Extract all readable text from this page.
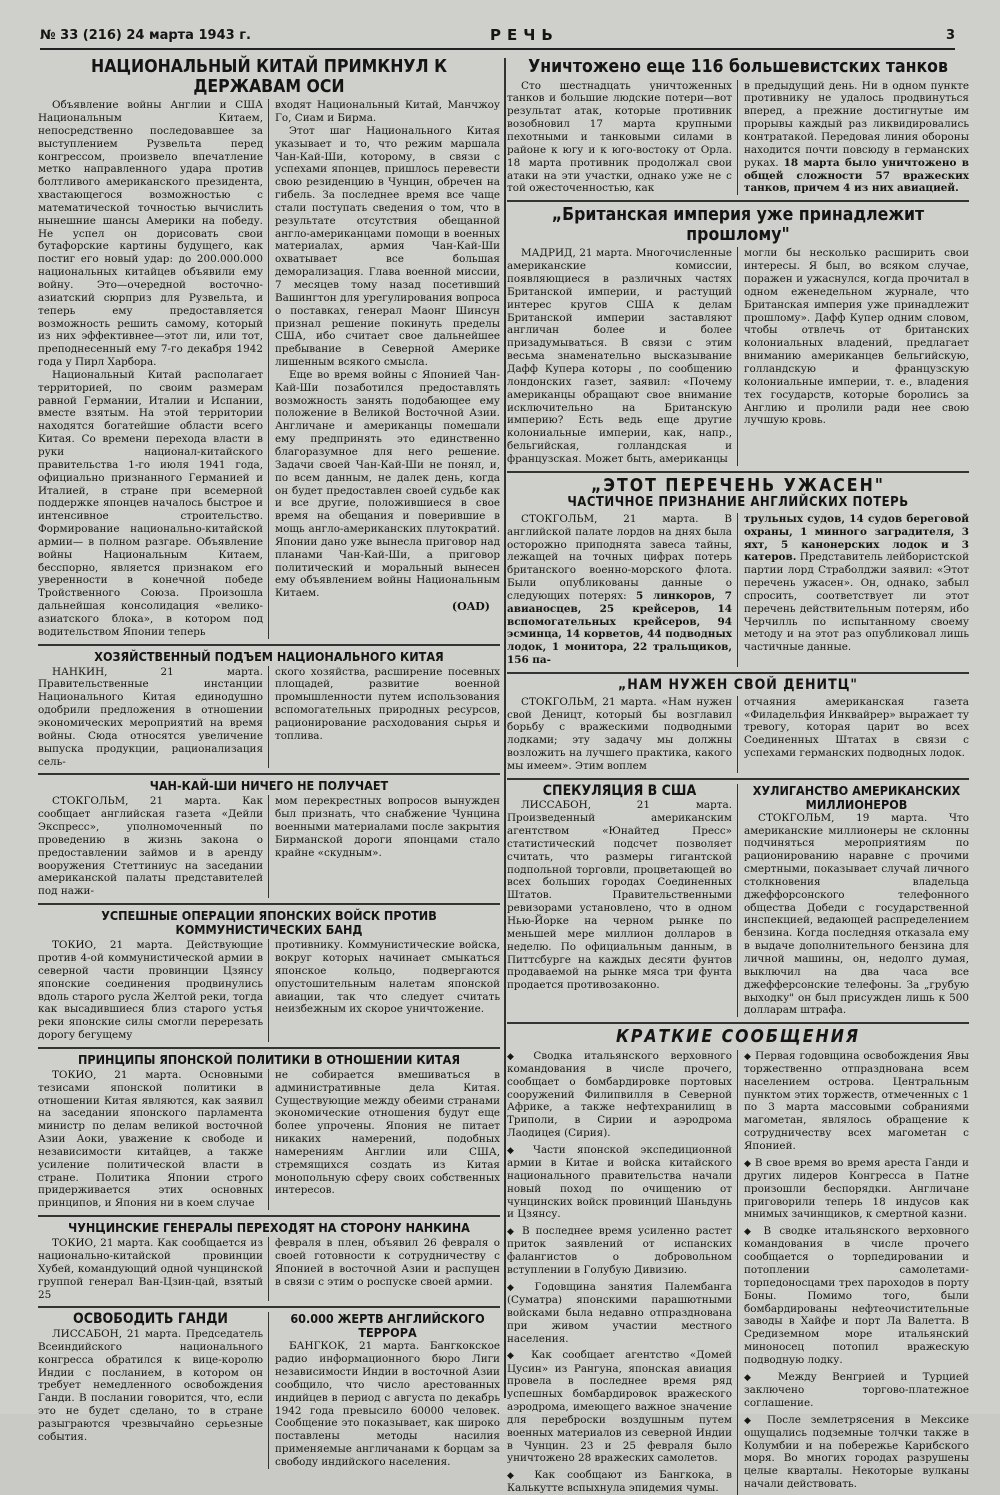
№ 33 (216) 24 марта 1943 г.	РЕЧЬ	3
НАЦИОНАЛЬНЫЙ КИТАЙ ПРИМКНУЛ К ДЕРЖАВАМ ОСИ

Объявление войны Англии и США Национальным Китаем, непосредственно последовавшее за выступлением Рузвельта перед конгрессом, произвело впечатление метко направленного удара против болтливого американского президента, хвастающегося возможностью с математической точностью вычислить нынешние шансы Америки на победу. Не успел он дорисовать свои бутафорские картины будущего, как постиг его новый удар: до 200.000.000 национальных китайцев объявили ему войну. Это—очередной восточно-азиатский сюрприз для Рузвельта, и теперь ему предоставляется возможность решить самому, который из них эффективнее—этот ли, или тот, преподнесенный ему 7-го декабря 1942 года у Пирл Харбора.

Национальный Китай располагает территорией, по своим размерам равной Германии, Италии и Испании, вместе взятым. На этой территории находятся богатейшие области всего Китая. Со времени перехода власти в руки национал-китайского правительства 1-го июля 1941 года, официально признанного Германией и Италией, в стране при всемерной поддержке японцев началось быстрое и интенсивное строительство. Формирование национально-китайской армии— в полном разгаре. Объявление войны Национальным Китаем, бесспорно, является признаком его уверенности в конечной победе Тройственного Союза. Произошла дальнейшая консолидация «велико-азиатского блока», в котором под водительством Японии теперь

входят Национальный Китай, Манчжоу Го, Сиам и Бирма.

Этот шаг Национального Китая указывает и то, что режим маршала Чан-Кай-Ши, которому, в связи с успехами японцев, пришлось перевести свою резиденцию в Чунцин, обречен на гибель. За последнее время все чаще стали поступать сведения о том, что в результате отсутствия обещанной англо-американцами помощи в военных материалах, армия Чан-Кай-Ши охватывает все большая деморализация. Глава военной миссии, 7 месяцев тому назад посетивший Вашингтон для урегулирования вопроса о поставках, генерал Маонг Шинсун признал решение покинуть пределы США, ибо считает свое дальнейшее пребывание в Северной Америке лишенным всякого смысла.

Еще во время войны с Японией Чан-Кай-Ши позаботился предоставлять возможность занять подобающее ему положение в Великой Восточной Азии. Англичане и американцы помешали ему предпринять это единственно благоразумное для него решение. Задачи своей Чан-Кай-Ши не понял, и, по всем данным, не далек день, когда он будет предоставлен своей судьбе как и все другие, положившиеся в свое время на обещания и поверившие в мощь англо-американских плутократий. Японии дано уже вынесла приговор над планами Чан-Кай-Ши, а приговор политический и моральный вынесен ему объявлением войны Национальным Китаем.

(OAD)
ХОЗЯЙСТВЕННЫЙ ПОДЪЕМ НАЦИОНАЛЬНОГО КИТАЯ

НАНКИН, 21 марта. Правительственные инстанции Национального Китая единодушно одобрили предложения в отношении экономических мероприятий на время войны. Сюда относятся увеличение выпуска продукции, рационализация сель-

ского хозяйства, расширение посевных площадей, развитие военной промышленности путем использования вспомогательных природных ресурсов, рационирование расходования сырья и топлива.

ЧАН-КАЙ-ШИ НИЧЕГО НЕ ПОЛУЧАЕТ

СТОКГОЛЬМ, 21 марта. Как сообщает английская газета «Дейли Экспресс», уполномоченный по проведению в жизнь закона о предоставлении займов и в аренду вооружения Стеттиниус на заседании американской палаты представителей под нажи-

мом перекрестных вопросов вынужден был признать, что снабжение Чунцина военными материалами после закрытия Бирманской дороги японцами стало крайне «скудным».

УСПЕШНЫЕ ОПЕРАЦИИ ЯПОНСКИХ ВОЙСК ПРОТИВ КОММУНИСТИЧЕСКИХ БАНД

ТОКИО, 21 марта. Действующие против 4-ой коммунистической армии в северной части провинции Цзянсу японские соединения продвинулись вдоль старого русла Желтой реки, тогда как высадившиеся близ старого устья реки японские силы смогли перерезать дорогу бегущему

противнику. Коммунистические войска, вокруг которых начинает смыкаться японское кольцо, подвергаются опустошительным налетам японской авиации, так что следует считать неизбежным их скорое уничтожение.

ПРИНЦИПЫ ЯПОНСКОЙ ПОЛИТИКИ В ОТНОШЕНИИ КИТАЯ

ТОКИО, 21 марта. Основными тезисами японской политики в отношении Китая являются, как заявил на заседании японского парламента министр по делам великой восточной Азии Аоки, уважение к свободе и независимости китайцев, а также усиление политической власти в стране. Политика Японии строго придерживается этих основных принципов, и Япония ни в коем случае

не собирается вмешиваться в административные дела Китая. Существующие между обеими странами экономические отношения будут еще более упрочены. Япония не питает никаких намерений, подобных намерениям Англии или США, стремящихся создать из Китая монопольную сферу своих собственных интересов.

ЧУНЦИНСКИЕ ГЕНЕРАЛЫ ПЕРЕХОДЯТ НА СТОРОНУ НАНКИНА

ТОКИО, 21 марта. Как сообщается из национально-китайской провинции Хубей, командующий одной чунцинской группой генерал Ван-Цзин-цай, взятый 25

февраля в плен, объявил 26 февраля о своей готовности к сотрудничеству с Японией в восточной Азии и распущен в связи с этим о роспуске своей армии.

ОСВОБОДИТЬ ГАНДИ

ЛИССАБОН, 21 марта. Председатель Всеиндийского национального конгресса обратился к вице-королю Индии с посланием, в котором он требует немедленного освобождения Ганди. В послании говорится, что, если это не будет сделано, то в стране разыграются чрезвычайно серьезные события.

60.000 ЖЕРТВ АНГЛИЙСКОГО ТЕРРОРА

БАНГКОК, 21 марта. Бангкокское радио информационного бюро Лиги независимости Индии в восточной Азии сообщило, что число арестованных индийцев в период с августа по декабрь 1942 года превысило 60000 человек. Сообщение это показывает, как широко поставлены методы насилия применяемые англичанами к борцам за свободу индийского населения.

Уничтожено еще 116 большевистских танков

Сто шестнадцать уничтоженных танков и большие людские потери—вот результат атак, которые противник возобновил 17 марта крупными пехотными и танковыми силами в районе к югу и к юго-востоку от Орла. 18 марта противник продолжал свои атаки на эти участки, однако уже не с той ожесточенностью, как

в предыдущий день. Ни в одном пункте противнику не удалось продвинуться вперед, а прежние достигнутые им прорывы каждый раз ликвидировались контратакой. Передовая линия обороны находится почти повсюду в германских руках. 18 марта было уничтожено в общей сложности 57 вражеских танков, причем 4 из них авиацией.

„Британская империя уже принадлежит прошлому"

МАДРИД, 21 марта. Многочисленные американские комиссии, появляющиеся в различных частях Британской империи, и растущий интерес кругов США к делам Британской империи заставляют англичан более и более призадумываться. В связи с этим весьма знаменательно высказывание Дафф Купера которы , по сообщению лондонских газет, заявил: «Почему американцы обращают свое внимание исключительно на Британскую империю? Есть ведь еще другие колониальные империи, как, напр., бельгийская, голландская и французская. Может быть, американцы

могли бы несколько расширить свои интересы. Я был, во всяком случае, поражен и ужаснулся, когда прочитал в одном еженедельном журнале, что Британская империя уже принадлежит прошлому». Дафф Купер одним словом, чтобы отвлечь от британских колониальных владений, предлагает вниманию американцев бельгийскую, голландскую и французскую колониальные империи, т. е., владения тех государств, которые боролись за Англию и пролили ради нее свою лучшую кровь.

„ЭТОТ ПЕРЕЧЕНЬ УЖАСЕН"
ЧАСТИЧНОЕ ПРИЗНАНИЕ АНГЛИЙСКИХ ПОТЕРЬ

СТОКГОЛЬМ, 21 марта. В английской палате лордов на днях была осторожно приподнята завеса тайны, лежащей на точных цифрах потерь британского военно-морского флота. Были опубликованы данные о следующих потерях: 5 линкоров, 7 авианосцев, 25 крейсеров, 14 вспомогательных крейсеров, 94 эсминца, 14 корветов, 44 подводных лодок, 1 монитора, 22 тральщиков, 156 па-

трульных судов, 14 судов береговой охраны, 1 минного заградителя, 3 яхт, 5 канонерских лодок и 3 катеров. Представитель лейбористской партии лорд Страболджи заявил: «Этот перечень ужасен». Он, однако, забыл спросить, соответствует ли этот перечень действительным потерям, ибо Черчилль по испытанному своему методу и на этот раз опубликовал лишь частичные данные.

„НАМ НУЖЕН СВОЙ ДЕНИТЦ"

СТОКГОЛЬМ, 21 марта. «Нам нужен свой Деницт, который бы возглавил борьбу с вражескими подводными лодками; эту задачу мы должны возложить на лучшего практика, какого мы имеем». Этим воплем

отчаяния американская газета «Филадельфия Инквайрер» выражает ту тревогу, которая царит во всех Соединенных Штатах в связи с успехами германских подводных лодок.

СПЕКУЛЯЦИЯ В США

ЛИССАБОН, 21 марта. Произведенный американским агентством «Юнайтед Пресс» статистический подсчет позволяет считать, что размеры гигантской подпольной торговли, процветающей во всех больших городах Соединенных Штатов. Правительственными ревизорами установлено, что в одном Нью-Йорке на черном рынке по меньшей мере миллион долларов в неделю. По официальным данным, в Питтсбурге на каждых десяти фунтов продаваемой на рынке мяса три фунта продается противозаконно.

ХУЛИГАНСТВО АМЕРИКАНСКИХ МИЛЛИОНЕРОВ

СТОКГОЛЬМ, 19 марта. Что американские миллионеры не склонны подчиняться мероприятиям по рационированию наравне с прочими смертными, показывает случай личного столкновения владельца джеффорсонского телефонного общества Добеди с государственной инспекцией, ведающей распределением бензина. Когда последняя отказала ему в выдаче дополнительного бензина для личной машины, он, недолго думая, выключил на два часа все джефферсонские телефоны. За „грубую выходку" он был присужден лишь к 500 долларам штрафа.

КРАТКИЕ СООБЩЕНИЯ

◆ Сводка итальянского верховного командования в числе прочего, сообщает о бомбардировке портовых сооружений Филипвилля в Северной Африке, а также нефтехранилищ в Триполи, в Сирии и аэродрома Лаодицея (Сирия).

◆ Части японской экспедиционной армии в Китае и войска китайского национального правительства начали новый поход по очищению от чунцинских войск провинций Шаньдунь и Цзянсу.

◆ В последнее время усиленно растет приток заявлений от испанских фалангистов о добровольном вступлении в Голубую Дивизию.

◆ Годовщина занятия Палембанга (Суматра) японскими парашютными войсками была недавно отпразднована при живом участии местного населения.

◆ Как сообщает агентство «Домей Цусин» из Рангуна, японская авиация провела в последнее время ряд успешных бомбардировок вражеского аэродрома, имеющего важное значение для переброски воздушным путем военных материалов из северной Индии в Чунцин. 23 и 25 февраля было уничтожено 28 вражеских самолетов.

◆ Как сообщают из Бангкока, в Калькутте вспыхнула эпидемия чумы.

◆ Первая годовщина освобождения Явы торжественно отпразднована всем населением острова. Центральным пунктом этих торжеств, отмеченных с 1 по 3 марта массовыми собраниями магометан, являлось обращение к сотрудничеству всех магометан с Японией.

◆ В свое время во время ареста Ганди и других лидеров Конгресса в Патне произошли беспорядки. Англичане приговорили теперь 18 индусов как мнимых зачинщиков, к смертной казни.

◆ В сводке итальянского верховного командования в числе прочего сообщается о торпедировании и потоплении самолетами-торпедоносцами трех пароходов в порту Боны. Помимо того, были бомбардированы нефтеочистительные заводы в Хайфе и порт Ла Валетта. В Средиземном море итальянский миноносец потопил вражескую подводную лодку.

◆ Между Венгрией и Турцией заключено торгово-платежное соглашение.

◆ После землетрясения в Мексике ощущались подземные толчки также в Колумбии и на побережье Карибского моря. Во многих городах разрушены целые кварталы. Некоторые вулканы начали действовать.
